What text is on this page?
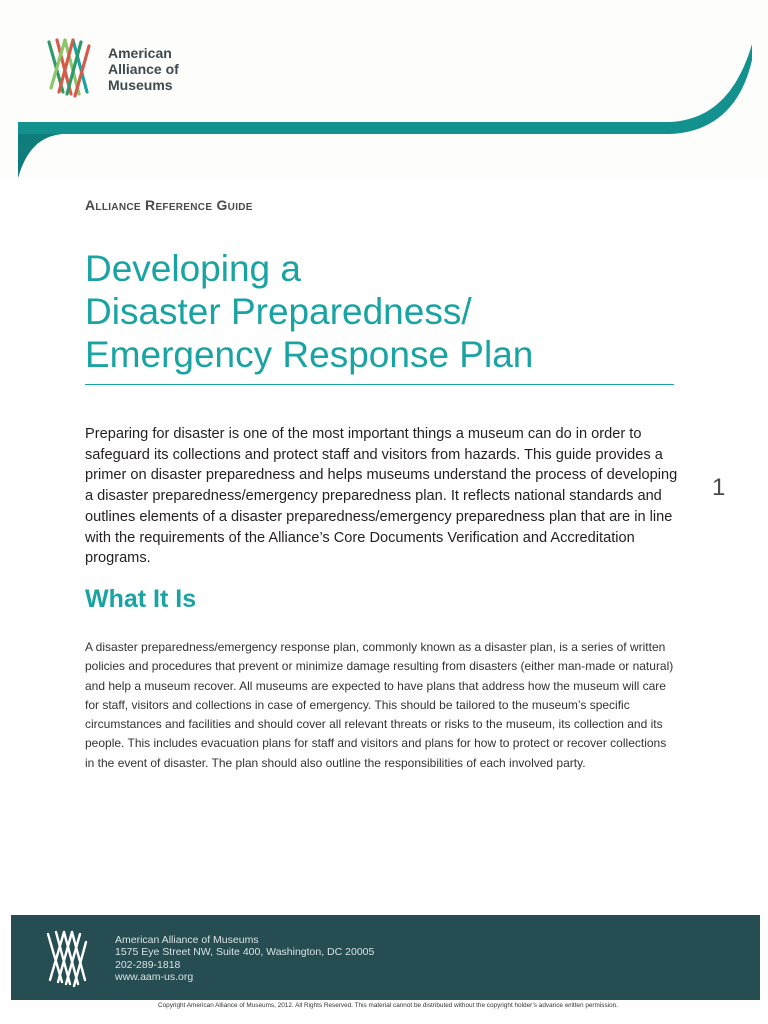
American
Alliance of
Museums
Alliance Reference Guide
Developing a
Disaster Preparedness/
Emergency Response Plan

Preparing for disaster is one of the most important things a museum can do in order to safeguard its collections and protect staff and visitors from hazards. This guide provides a primer on disaster preparedness and helps museums understand the process of developing a disaster preparedness/emergency preparedness plan. It reflects national standards and outlines elements of a disaster preparedness/emergency preparedness plan that are in line with the requirements of the Alliance’s Core Documents Verification and Accreditation programs.

1
What It Is

A disaster preparedness/emergency response plan, commonly known as a disaster plan, is a series of written policies and procedures that prevent or minimize damage resulting from disasters (either man-made or natural) and help a museum recover. All museums are expected to have plans that address how the museum will care for staff, visitors and collections in case of emergency. This should be tailored to the museum’s specific circumstances and facilities and should cover all relevant threats or risks to the museum, its collection and its people. This includes evacuation plans for staff and visitors and plans for how to protect or recover collections in the event of disaster. The plan should also outline the responsibilities of each involved party.

American Alliance of Museums
1575 Eye Street NW, Suite 400, Washington, DC 20005
202-289-1818
www.aam-us.org
Copyright American Alliance of Museums, 2012. All Rights Reserved. This material cannot be distributed without the copyright holder’s advance written permission.
